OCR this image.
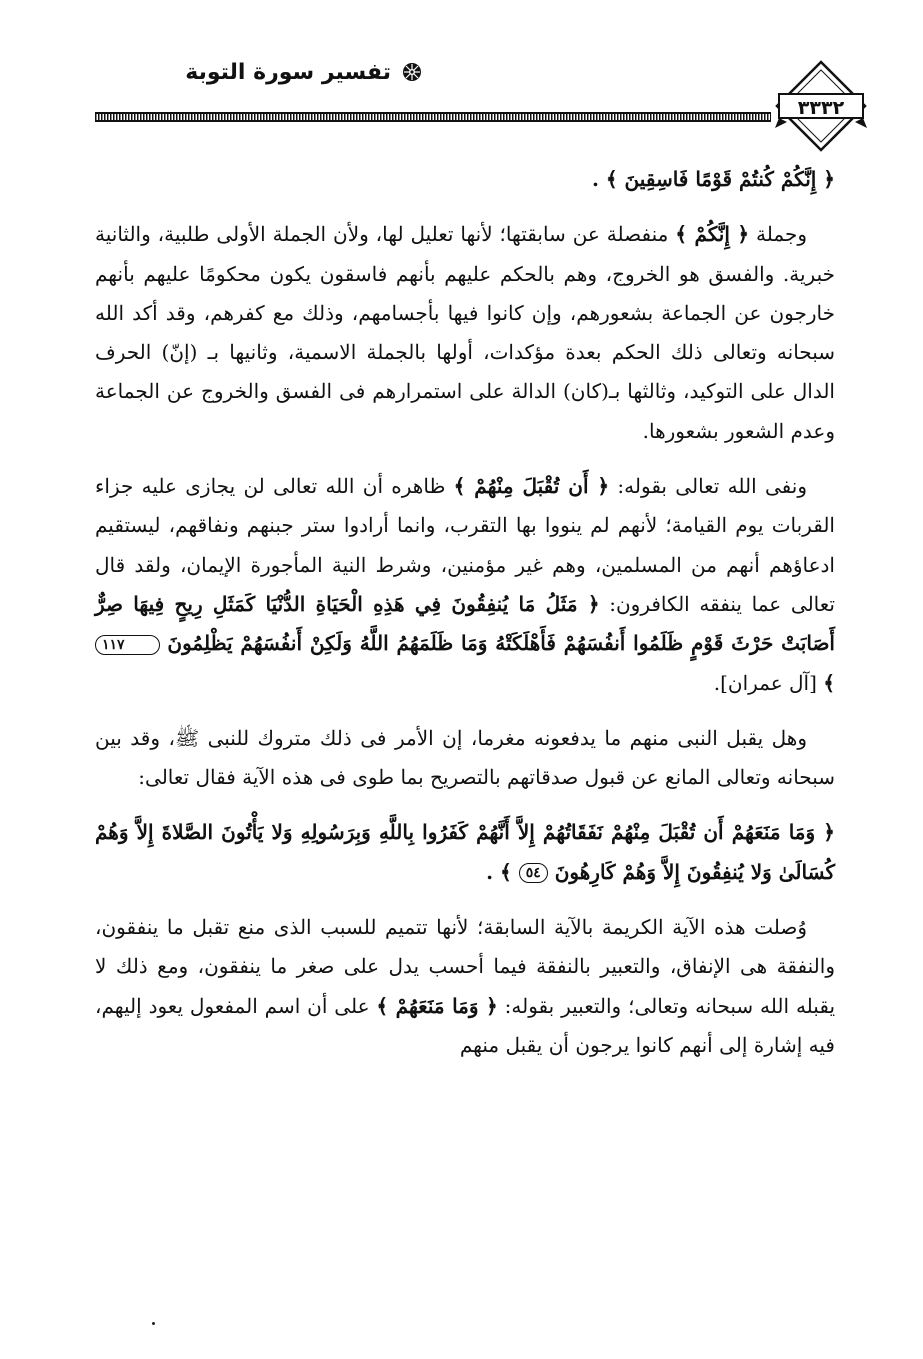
تفسير سورة التوبة
٣٣٣٢

﴿ إِنَّكُمْ كُنتُمْ قَوْمًا فَاسِقِينَ ﴾ .

وجملة ﴿ إِنَّكُمْ ﴾ منفصلة عن سابقتها؛ لأنها تعليل لها، ولأن الجملة الأولى طلبية، والثانية خبرية. والفسق هو الخروج، وهم بالحكم عليهم بأنهم فاسقون يكون محكومًا عليهم بأنهم خارجون عن الجماعة بشعورهم، وإن كانوا فيها بأجسامهم، وذلك مع كفرهم، وقد أكد الله سبحانه وتعالى ذلك الحكم بعدة مؤكدات، أولها بالجملة الاسمية، وثانيها بـ (إنّ) الحرف الدال على التوكيد، وثالثها بـ(كان) الدالة على استمرارهم فى الفسق والخروج عن الجماعة وعدم الشعور بشعورها.

ونفى الله تعالى بقوله: ﴿ أَن تُقْبَلَ مِنْهُمْ ﴾ ظاهره أن الله تعالى لن يجازى عليه جزاء القربات يوم القيامة؛ لأنهم لم ينووا بها التقرب، وانما أرادوا ستر جبنهم ونفاقهم، ليستقيم ادعاؤهم أنهم من المسلمين، وهم غير مؤمنين، وشرط النية المأجورة الإيمان، ولقد قال تعالى عما ينفقه الكافرون: ﴿ مَثَلُ مَا يُنفِقُونَ فِي هَذِهِ الْحَيَاةِ الدُّنْيَا كَمَثَلِ رِيحٍ فِيهَا صِرٌّ أَصَابَتْ حَرْثَ قَوْمٍ ظَلَمُوا أَنفُسَهُمْ فَأَهْلَكَتْهُ وَمَا ظَلَمَهُمُ اللَّهُ وَلَكِنْ أَنفُسَهُمْ يَظْلِمُونَ ١١٧ ﴾ [آل عمران].

وهل يقبل النبى منهم ما يدفعونه مغرما، إن الأمر فى ذلك متروك للنبى ﷺ، وقد بين سبحانه وتعالى المانع عن قبول صدقاتهم بالتصريح بما طوى فى هذه الآية فقال تعالى:

﴿ وَمَا مَنَعَهُمْ أَن تُقْبَلَ مِنْهُمْ نَفَقَاتُهُمْ إِلاَّ أَنَّهُمْ كَفَرُوا بِاللَّهِ وَبِرَسُولِهِ وَلا يَأْتُونَ الصَّلاةَ إِلاَّ وَهُمْ كُسَالَىٰ وَلا يُنفِقُونَ إِلاَّ وَهُمْ كَارِهُونَ ٥٤ ﴾ .

وُصلت هذه الآية الكريمة بالآية السابقة؛ لأنها تتميم للسبب الذى منع تقبل ما ينفقون، والنفقة هى الإنفاق، والتعبير بالنفقة فيما أحسب يدل على صغر ما ينفقون، ومع ذلك لا يقبله الله سبحانه وتعالى؛ والتعبير بقوله: ﴿ وَمَا مَنَعَهُمْ ﴾ على أن اسم المفعول يعود إليهم، فيه إشارة إلى أنهم كانوا يرجون أن يقبل منهم
